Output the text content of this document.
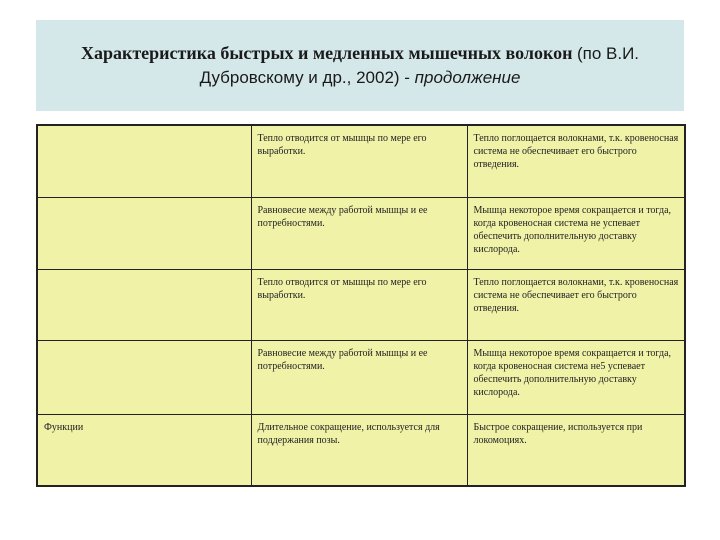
Характеристика быстрых и медленных мышечных волокон (по В.И.
Дубровскому и др., 2002) - продолжение
	Тепло отводится от мышцы по мере его выработки.	Тепло поглощается волокнами, т.к. кровеносная система не обеспечивает его быстрого отведения.
	Равновесие между работой мышцы и ее потребностями.	Мышца некоторое время сокращается и тогда, когда кровеносная система не успевает обеспечить дополнительную доставку кислорода.
	Тепло отводится от мышцы по мере его выработки.	Тепло поглощается волокнами, т.к. кровеносная система не обеспечивает его быстрого отведения.
	Равновесие между работой мышцы и ее потребностями.	Мышца некоторое время сокращается и тогда, когда кровеносная система не5 успевает обеспечить дополнительную доставку кислорода.
Функции	Длительное сокращение, используется для поддержания позы.	Быстрое сокращение, используется при локомоциях.
